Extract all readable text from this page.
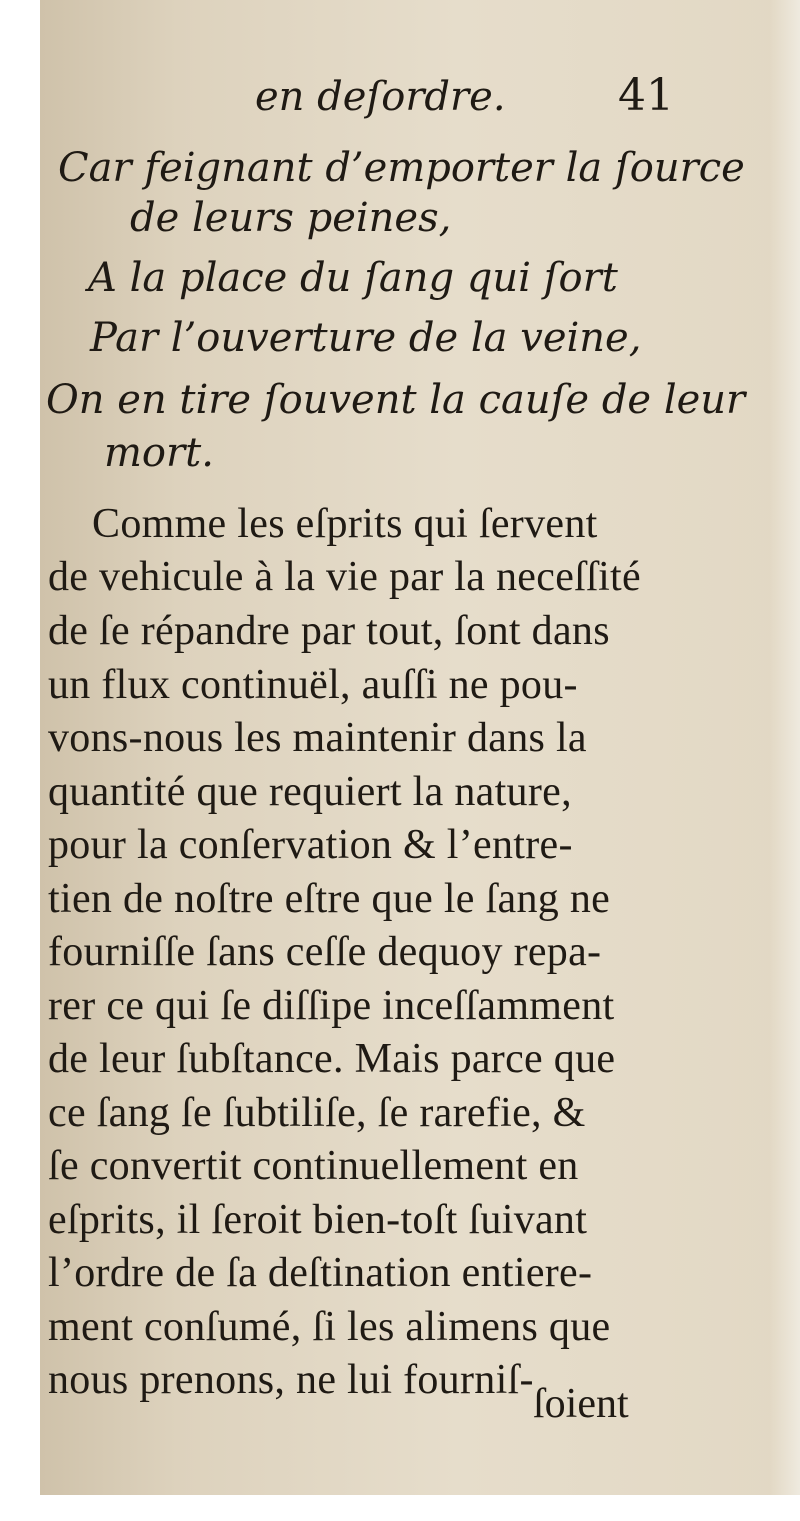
en deſordre.	41
Car feignant d’emporter la ſource
de leurs peines,
A la place du ſang qui ſort
Par l’ouverture de la veine,
On en tire ſouvent la cauſe de leur
mort.
Comme les eſprits qui ſervent
de vehicule à la vie par la neceſſité
de ſe répandre par tout, ſont dans
un flux continuël, auſſi ne pou-
vons-nous les maintenir dans la
quantité que requiert la nature,
pour la conſervation & l’entre-
tien de noſtre eſtre que le ſang ne
fourniſſe ſans ceſſe dequoy repa-
rer ce qui ſe diſſipe inceſſamment
de leur ſubſtance. Mais parce que
ce ſang ſe ſubtiliſe, ſe rarefie, &
ſe convertit continuellement en
eſprits, il ſeroit bien-toſt ſuivant
l’ordre de ſa deſtination entiere-
ment conſumé, ſi les alimens que
nous prenons, ne lui fourniſ-
ſoient
